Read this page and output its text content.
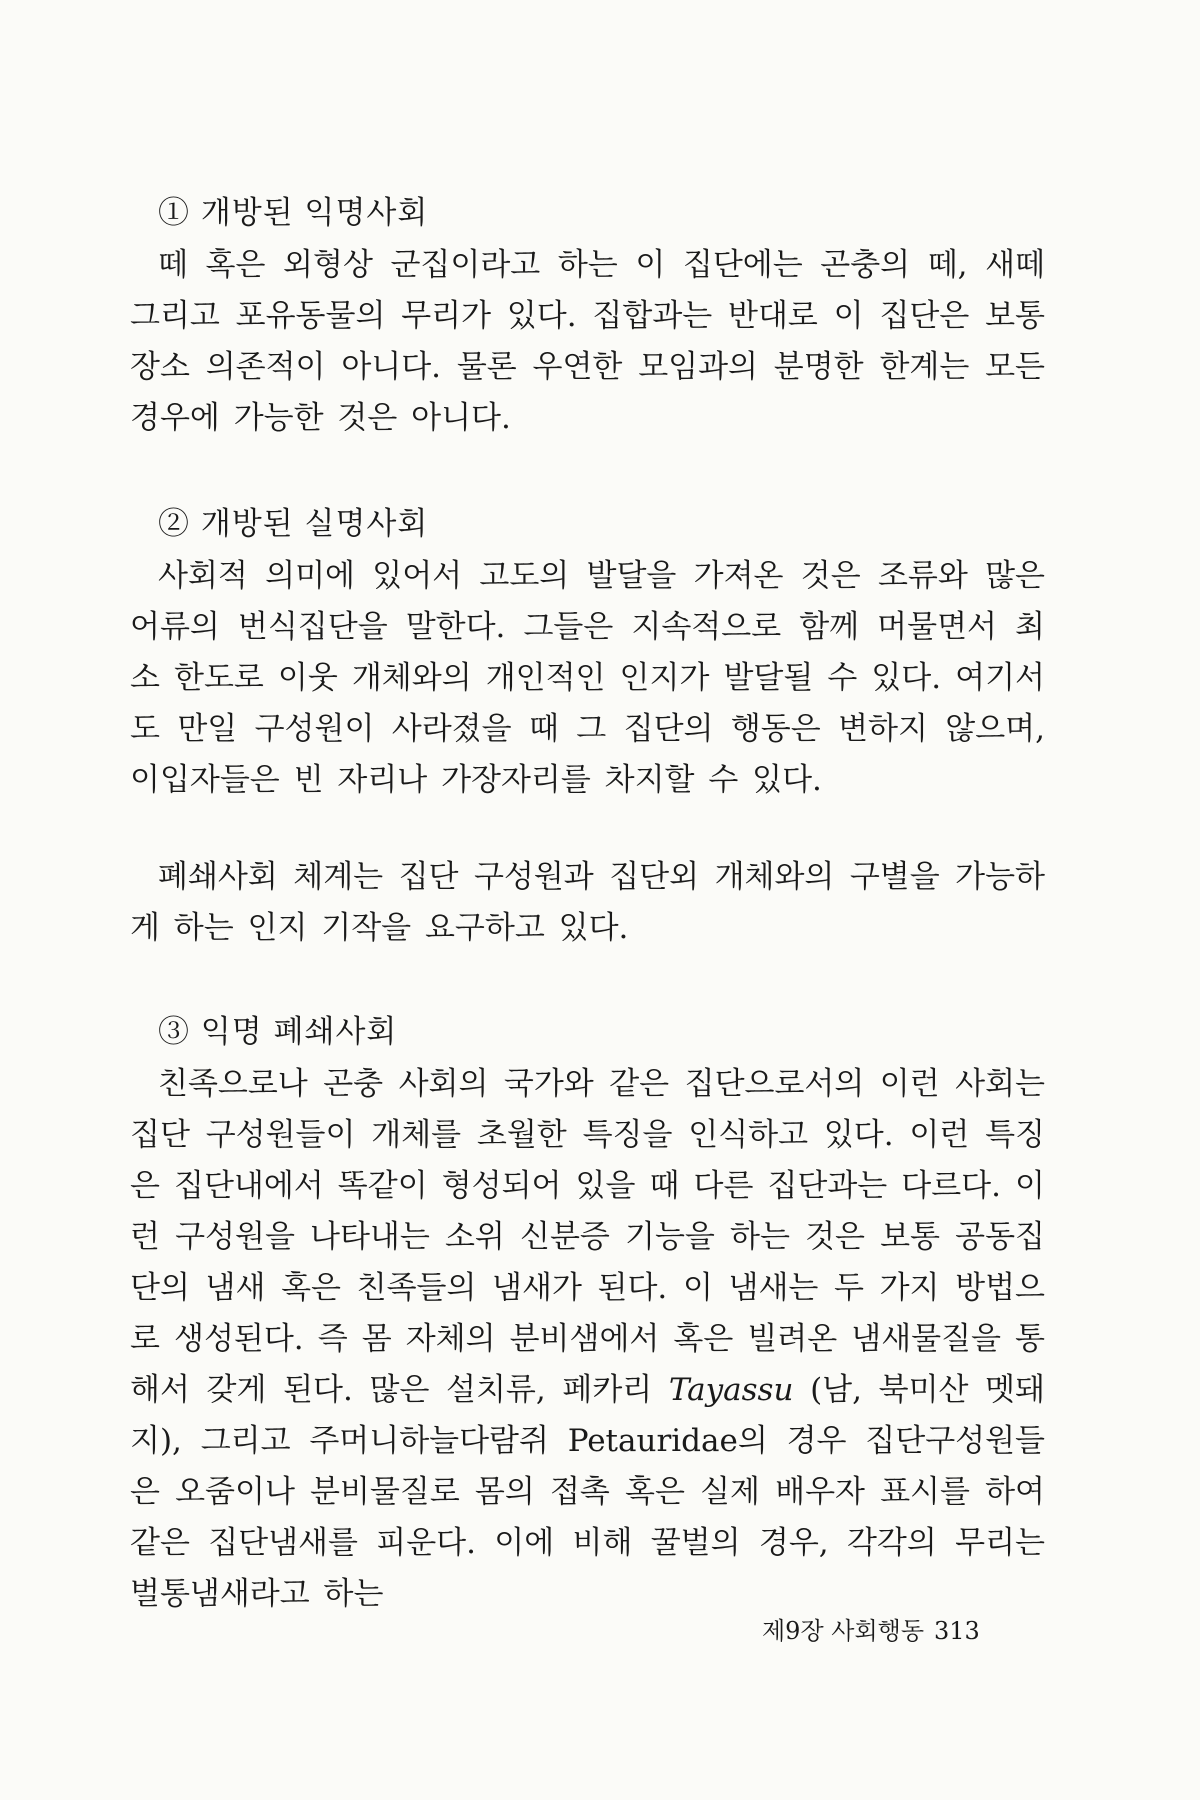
① 개방된 익명사회

떼 혹은 외형상 군집이라고 하는 이 집단에는 곤충의 떼, 새떼 그리고 포유동물의 무리가 있다. 집합과는 반대로 이 집단은 보통 장소 의존적이 아니다. 물론 우연한 모임과의 분명한 한계는 모든 경우에 가능한 것은 아니다.

② 개방된 실명사회

사회적 의미에 있어서 고도의 발달을 가져온 것은 조류와 많은 어류의 번식집단을 말한다. 그들은 지속적으로 함께 머물면서 최소 한도로 이웃 개체와의 개인적인 인지가 발달될 수 있다. 여기서도 만일 구성원이 사라졌을 때 그 집단의 행동은 변하지 않으며, 이입자들은 빈 자리나 가장자리를 차지할 수 있다.

폐쇄사회 체계는 집단 구성원과 집단외 개체와의 구별을 가능하게 하는 인지 기작을 요구하고 있다.

③ 익명 폐쇄사회

친족으로나 곤충 사회의 국가와 같은 집단으로서의 이런 사회는 집단 구성원들이 개체를 초월한 특징을 인식하고 있다. 이런 특징은 집단내에서 똑같이 형성되어 있을 때 다른 집단과는 다르다. 이런 구성원을 나타내는 소위 신분증 기능을 하는 것은 보통 공동집단의 냄새 혹은 친족들의 냄새가 된다. 이 냄새는 두 가지 방법으로 생성된다. 즉 몸 자체의 분비샘에서 혹은 빌려온 냄새물질을 통해서 갖게 된다. 많은 설치류, 페카리 Tayassu (남, 북미산 멧돼지), 그리고 주머니하늘다람쥐 Petauridae의 경우 집단구성원들은 오줌이나 분비물질로 몸의 접촉 혹은 실제 배우자 표시를 하여 같은 집단냄새를 피운다. 이에 비해 꿀벌의 경우, 각각의 무리는 벌통냄새라고 하는

제9장 사회행동 313
